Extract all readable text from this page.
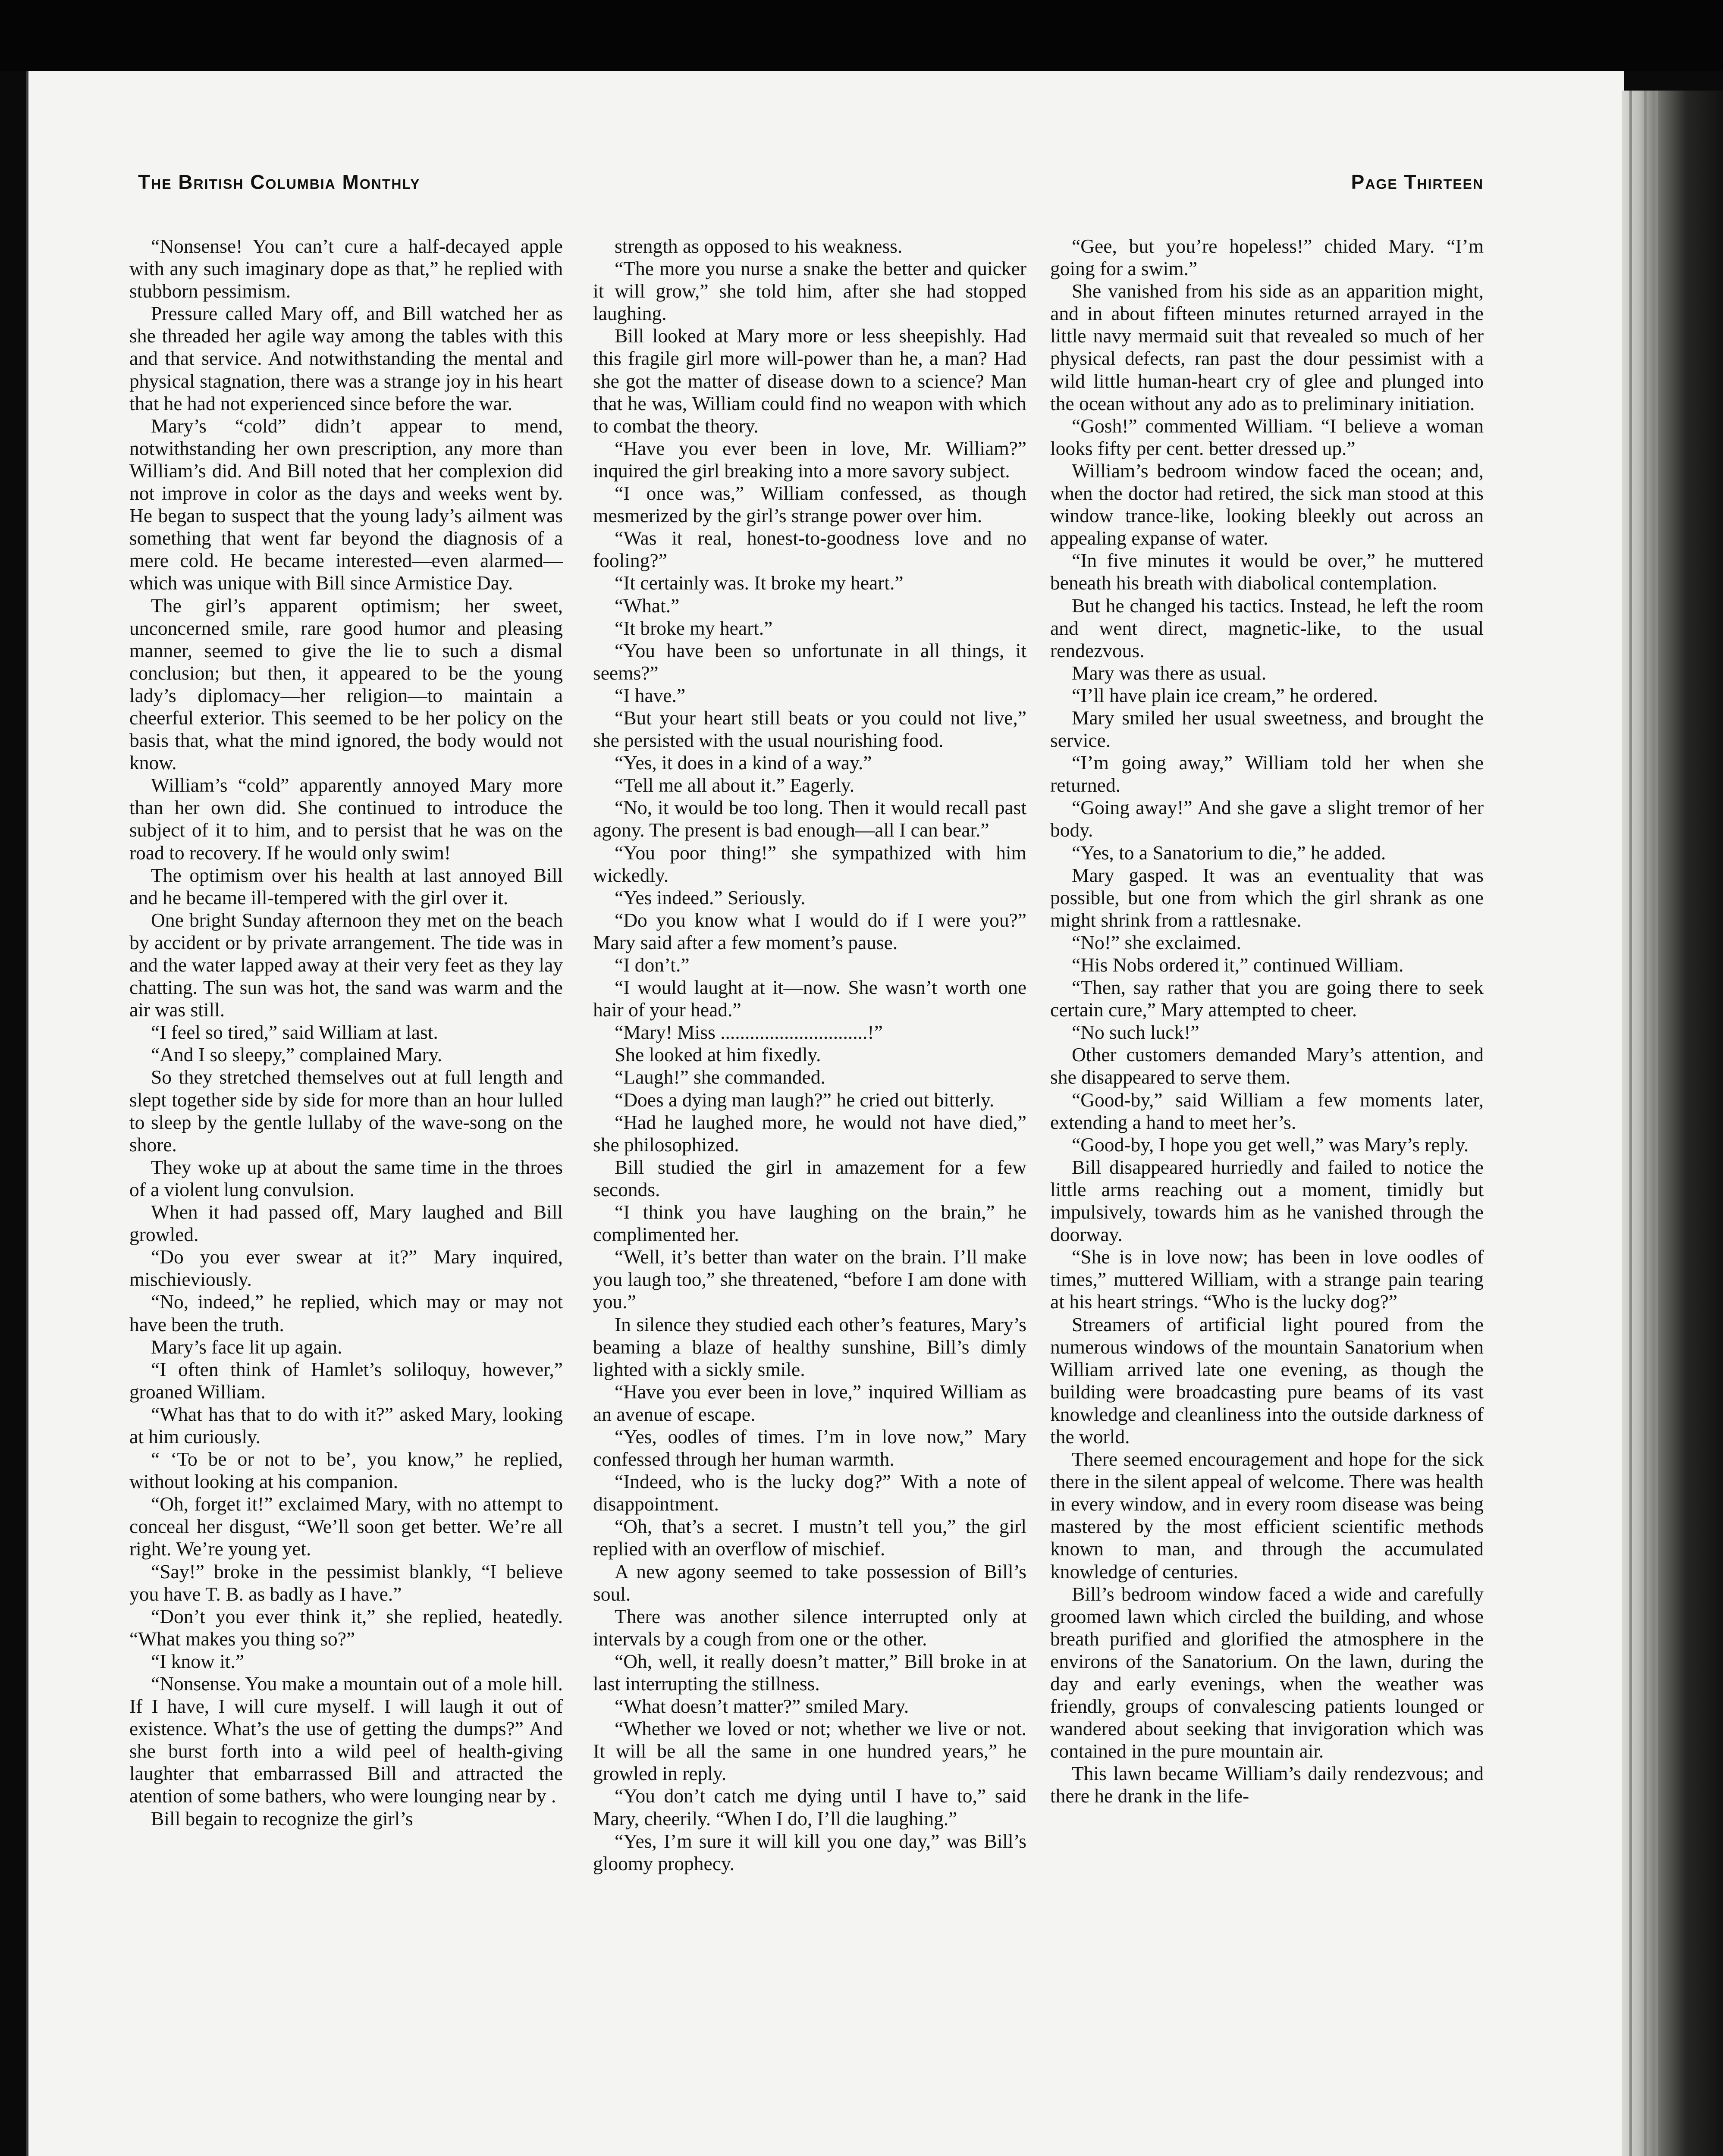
The British Columbia Monthly	Page Thirteen

“Nonsense! You can’t cure a half-decayed apple with any such imaginary dope as that,” he replied with stubborn pessimism.

Pressure called Mary off, and Bill watched her as she threaded her agile way among the tables with this and that service. And notwithstanding the mental and physical stagnation, there was a strange joy in his heart that he had not experienced since before the war.

Mary’s “cold” didn’t appear to mend, notwithstanding her own prescription, any more than William’s did. And Bill noted that her complexion did not improve in color as the days and weeks went by. He began to suspect that the young lady’s ailment was something that went far beyond the diagnosis of a mere cold. He became interested—even alarmed—which was unique with Bill since Armistice Day.

The girl’s apparent optimism; her sweet, unconcerned smile, rare good humor and pleasing manner, seemed to give the lie to such a dismal conclusion; but then, it appeared to be the young lady’s diplomacy—her religion—to maintain a cheerful exterior. This seemed to be her policy on the basis that, what the mind ignored, the body would not know.

William’s “cold” apparently annoyed Mary more than her own did. She continued to introduce the subject of it to him, and to persist that he was on the road to recovery. If he would only swim!

The optimism over his health at last annoyed Bill and he became ill-tempered with the girl over it.

One bright Sunday afternoon they met on the beach by accident or by private arrangement. The tide was in and the water lapped away at their very feet as they lay chatting. The sun was hot, the sand was warm and the air was still.

“I feel so tired,” said William at last.

“And I so sleepy,” complained Mary.

So they stretched themselves out at full length and slept together side by side for more than an hour lulled to sleep by the gentle lullaby of the wave-song on the shore.

They woke up at about the same time in the throes of a violent lung convulsion.

When it had passed off, Mary laughed and Bill growled.

“Do you ever swear at it?” Mary inquired, mischieviously.

“No, indeed,” he replied, which may or may not have been the truth.

Mary’s face lit up again.

“I often think of Hamlet’s soliloquy, however,” groaned William.

“What has that to do with it?” asked Mary, looking at him curiously.

“ ‘To be or not to be’, you know,” he replied, without looking at his companion.

“Oh, forget it!” exclaimed Mary, with no attempt to conceal her disgust, “We’ll soon get better. We’re all right. We’re young yet.

“Say!” broke in the pessimist blankly, “I believe you have T. B. as badly as I have.”

“Don’t you ever think it,” she replied, heatedly. “What makes you thing so?”

“I know it.”

“Nonsense. You make a mountain out of a mole hill. If I have, I will cure myself. I will laugh it out of existence. What’s the use of getting the dumps?” And she burst forth into a wild peel of health-giving laughter that embarrassed Bill and attracted the atention of some bathers, who were lounging near by .

Bill begain to recognize the girl’s

strength as opposed to his weakness.

“The more you nurse a snake the better and quicker it will grow,” she told him, after she had stopped laughing.

Bill looked at Mary more or less sheepishly. Had this fragile girl more will-power than he, a man? Had she got the matter of disease down to a science? Man that he was, William could find no weapon with which to combat the theory.

“Have you ever been in love, Mr. William?” inquired the girl breaking into a more savory subject.

“I once was,” William confessed, as though mesmerized by the girl’s strange power over him.

“Was it real, honest-to-goodness love and no fooling?”

“It certainly was. It broke my heart.”

“What.”

“It broke my heart.”

“You have been so unfortunate in all things, it seems?”

“I have.”

“But your heart still beats or you could not live,” she persisted with the usual nourishing food.

“Yes, it does in a kind of a way.”

“Tell me all about it.” Eagerly.

“No, it would be too long. Then it would recall past agony. The present is bad enough—all I can bear.”

“You poor thing!” she sympathized with him wickedly.

“Yes indeed.” Seriously.

“Do you know what I would do if I were you?” Mary said after a few moment’s pause.

“I don’t.”

“I would laught at it—now. She wasn’t worth one hair of your head.”

“Mary! Miss ..............................!”

She looked at him fixedly.

“Laugh!” she commanded.

“Does a dying man laugh?” he cried out bitterly.

“Had he laughed more, he would not have died,” she philosophized.

Bill studied the girl in amazement for a few seconds.

“I think you have laughing on the brain,” he complimented her.

“Well, it’s better than water on the brain. I’ll make you laugh too,” she threatened, “before I am done with you.”

In silence they studied each other’s features, Mary’s beaming a blaze of healthy sunshine, Bill’s dimly lighted with a sickly smile.

“Have you ever been in love,” inquired William as an avenue of escape.

“Yes, oodles of times. I’m in love now,” Mary confessed through her human warmth.

“Indeed, who is the lucky dog?” With a note of disappointment.

“Oh, that’s a secret. I mustn’t tell you,” the girl replied with an overflow of mischief.

A new agony seemed to take possession of Bill’s soul.

There was another silence interrupted only at intervals by a cough from one or the other.

“Oh, well, it really doesn’t matter,” Bill broke in at last interrupting the stillness.

“What doesn’t matter?” smiled Mary.

“Whether we loved or not; whether we live or not. It will be all the same in one hundred years,” he growled in reply.

“You don’t catch me dying until I have to,” said Mary, cheerily. “When I do, I’ll die laughing.”

“Yes, I’m sure it will kill you one day,” was Bill’s gloomy prophecy.

“Gee, but you’re hopeless!” chided Mary. “I’m going for a swim.”

She vanished from his side as an apparition might, and in about fifteen minutes returned arrayed in the little navy mermaid suit that revealed so much of her physical defects, ran past the dour pessimist with a wild little human-heart cry of glee and plunged into the ocean without any ado as to preliminary initiation.

“Gosh!” commented William. “I believe a woman looks fifty per cent. better dressed up.”

William’s bedroom window faced the ocean; and, when the doctor had retired, the sick man stood at this window trance-like, looking bleekly out across an appealing expanse of water.

“In five minutes it would be over,” he muttered beneath his breath with diabolical contemplation.

But he changed his tactics. Instead, he left the room and went direct, magnetic-like, to the usual rendezvous.

Mary was there as usual.

“I’ll have plain ice cream,” he ordered.

Mary smiled her usual sweetness, and brought the service.

“I’m going away,” William told her when she returned.

“Going away!” And she gave a slight tremor of her body.

“Yes, to a Sanatorium to die,” he added.

Mary gasped. It was an eventuality that was possible, but one from which the girl shrank as one might shrink from a rattlesnake.

“No!” she exclaimed.

“His Nobs ordered it,” continued William.

“Then, say rather that you are going there to seek certain cure,” Mary attempted to cheer.

“No such luck!”

Other customers demanded Mary’s attention, and she disappeared to serve them.

“Good-by,” said William a few moments later, extending a hand to meet her’s.

“Good-by, I hope you get well,” was Mary’s reply.

Bill disappeared hurriedly and failed to notice the little arms reaching out a moment, timidly but impulsively, towards him as he vanished through the doorway.

“She is in love now; has been in love oodles of times,” muttered William, with a strange pain tearing at his heart strings. “Who is the lucky dog?”

Streamers of artificial light poured from the numerous windows of the mountain Sanatorium when William arrived late one evening, as though the building were broadcasting pure beams of its vast knowledge and cleanliness into the outside darkness of the world.

There seemed encouragement and hope for the sick there in the silent appeal of welcome. There was health in every window, and in every room disease was being mastered by the most efficient scientific methods known to man, and through the accumulated knowledge of centuries.

Bill’s bedroom window faced a wide and carefully groomed lawn which circled the building, and whose breath purified and glorified the atmosphere in the environs of the Sanatorium. On the lawn, during the day and early evenings, when the weather was friendly, groups of convalescing patients lounged or wandered about seeking that invigoration which was contained in the pure mountain air.

This lawn became William’s daily rendezvous; and there he drank in the life-
